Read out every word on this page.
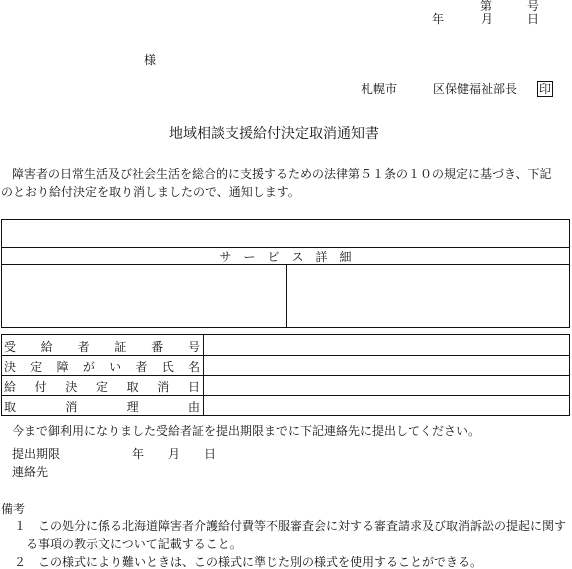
第	号
年	月	日
様
札幌市	区保健福祉部長 印
地域相談支援給付決定取消通知書
障害者の日常生活及び社会生活を総合的に支援するための法律第５１条の１０の規定に基づき、下記
のとおり給付決定を取り消しましたので、通知します。
サービス詳細
受 給 者 証 番 号
決 定 障 が い 者 氏 名
給 付 決 定 取 消 日
取	消	理	由
今まで御利用になりました受給者証を提出期限までに下記連絡先に提出してください。
提出期限	年 月 日
連絡先
備考
１ この処分に係る北海道障害者介護給付費等不服審査会に対する審査請求及び取消訴訟の提起に関す
る事項の教示文について記載すること。
２ この様式により難いときは、この様式に準じた別の様式を使用することができる。
